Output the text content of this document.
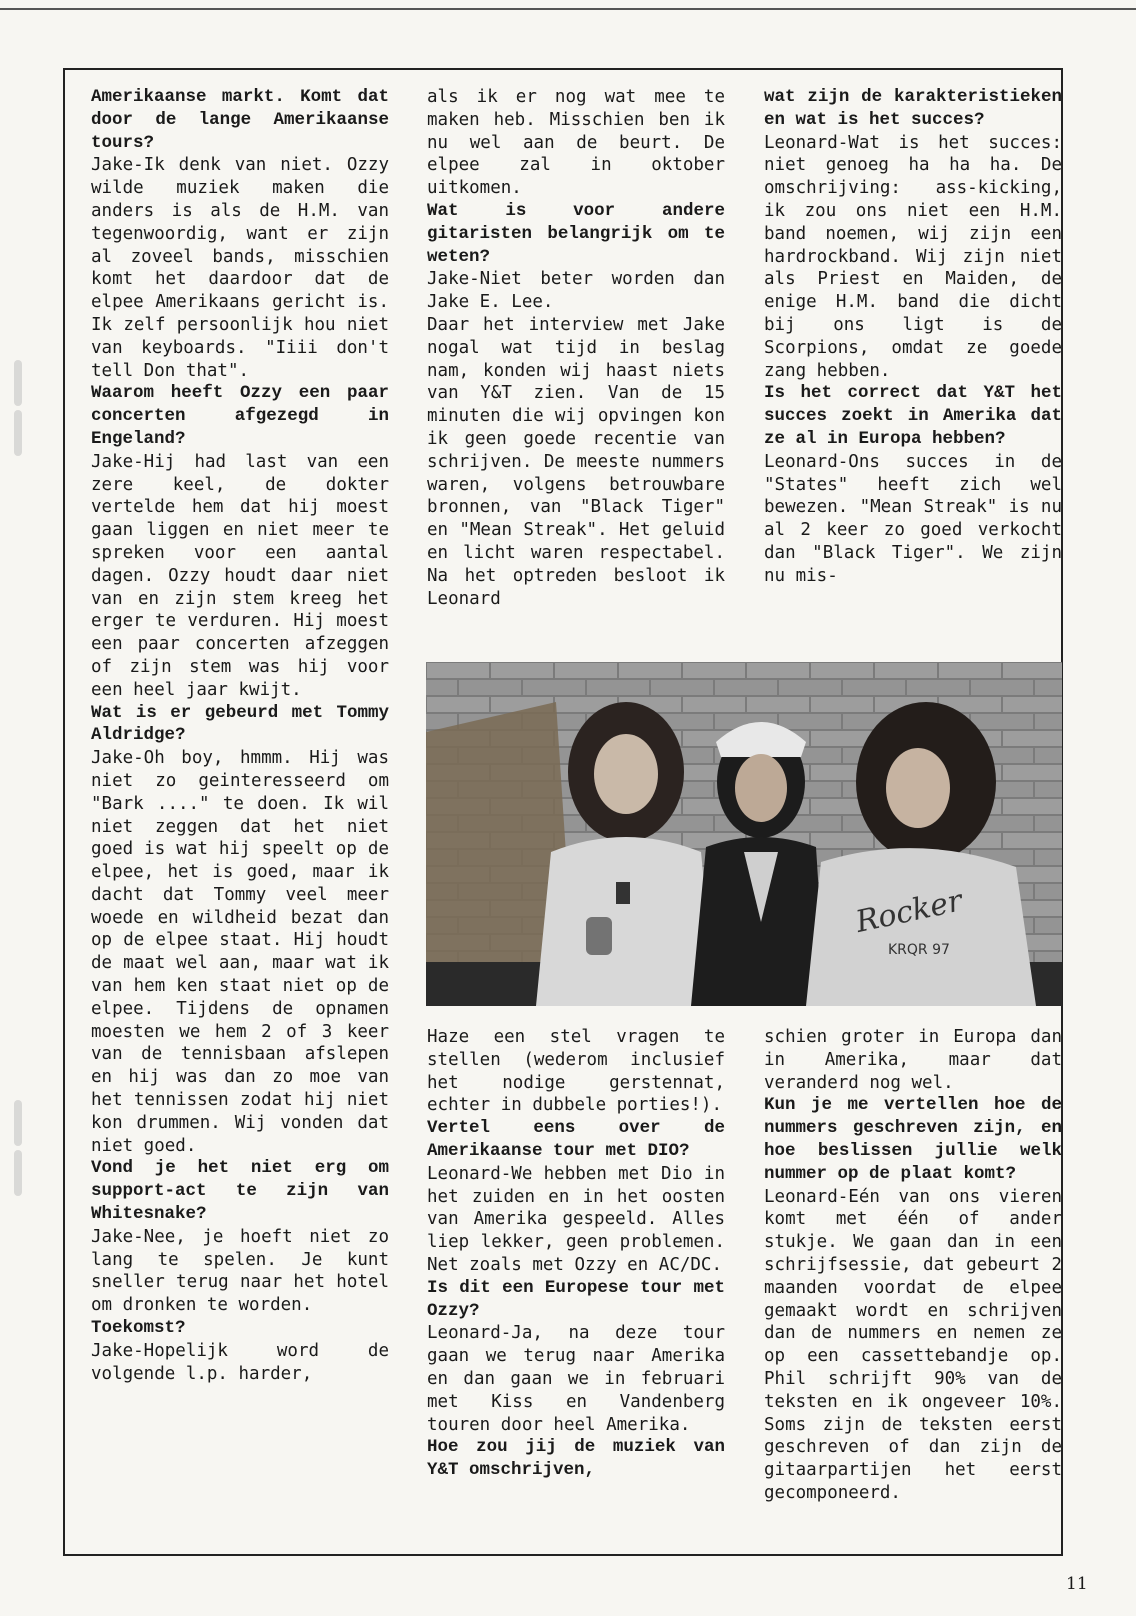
Amerikaanse markt. Komt dat door de lange Amerikaanse tours?

Jake-Ik denk van niet. Ozzy wilde muziek maken die anders is als de H.M. van tegenwoordig, want er zijn al zoveel bands, misschien komt het daardoor dat de elpee Amerikaans gericht is. Ik zelf persoonlijk hou niet van keyboards. "Iiii don't tell Don that".

Waarom heeft Ozzy een paar concerten afgezegd in Engeland?

Jake-Hij had last van een zere keel, de dokter vertelde hem dat hij moest gaan liggen en niet meer te spreken voor een aantal dagen. Ozzy houdt daar niet van en zijn stem kreeg het erger te verduren. Hij moest een paar concerten afzeggen of zijn stem was hij voor een heel jaar kwijt.

Wat is er gebeurd met Tommy Aldridge?

Jake-Oh boy, hmmm. Hij was niet zo geinteresseerd om "Bark ...." te doen. Ik wil niet zeggen dat het niet goed is wat hij speelt op de elpee, het is goed, maar ik dacht dat Tommy veel meer woede en wildheid bezat dan op de elpee staat. Hij houdt de maat wel aan, maar wat ik van hem ken staat niet op de elpee. Tijdens de opnamen moesten we hem 2 of 3 keer van de tennisbaan afslepen en hij was dan zo moe van het tennissen zodat hij niet kon drummen. Wij vonden dat niet goed.

Vond je het niet erg om support-act te zijn van Whitesnake?

Jake-Nee, je hoeft niet zo lang te spelen. Je kunt sneller terug naar het hotel om dronken te worden.

Toekomst?

Jake-Hopelijk word de volgende l.p. harder,

als ik er nog wat mee te maken heb. Misschien ben ik nu wel aan de beurt. De elpee zal in oktober uitkomen.

Wat is voor andere gitaristen belangrijk om te weten?

Jake-Niet beter worden dan Jake E. Lee.

Daar het interview met Jake nogal wat tijd in beslag nam, konden wij haast niets van Y&T zien. Van de 15 minuten die wij opvingen kon ik geen goede recentie van schrijven. De meeste nummers waren, volgens betrouwbare bronnen, van "Black Tiger" en "Mean Streak". Het geluid en licht waren respectabel. Na het optreden besloot ik Leonard

wat zijn de karakteristieken en wat is het succes?

Leonard-Wat is het succes: niet genoeg ha ha ha. De omschrijving: ass-kicking, ik zou ons niet een H.M. band noemen, wij zijn een hardrockband. Wij zijn niet als Priest en Maiden, de enige H.M. band die dicht bij ons ligt is de Scorpions, omdat ze goede zang hebben.

Is het correct dat Y&T het succes zoekt in Amerika dat ze al in Europa hebben?

Leonard-Ons succes in de "States" heeft zich wel bewezen. "Mean Streak" is nu al 2 keer zo goed verkocht dan "Black Tiger". We zijn nu mis-

Rocker
KRQR 97

Haze een stel vragen te stellen (wederom inclusief het nodige gerstennat, echter in dubbele porties!).

Vertel eens over de Amerikaanse tour met DIO?

Leonard-We hebben met Dio in het zuiden en in het oosten van Amerika gespeeld. Alles liep lekker, geen problemen. Net zoals met Ozzy en AC/DC.

Is dit een Europese tour met Ozzy?

Leonard-Ja, na deze tour gaan we terug naar Amerika en dan gaan we in februari met Kiss en Vandenberg touren door heel Amerika.

Hoe zou jij de muziek van Y&T omschrijven,

schien groter in Europa dan in Amerika, maar dat veranderd nog wel.

Kun je me vertellen hoe de nummers geschreven zijn, en hoe beslissen jullie welk nummer op de plaat komt?

Leonard-Eén van ons vieren komt met één of ander stukje. We gaan dan in een schrijfsessie, dat gebeurt 2 maanden voordat de elpee gemaakt wordt en schrijven dan de nummers en nemen ze op een cassettebandje op. Phil schrijft 90% van de teksten en ik ongeveer 10%. Soms zijn de teksten eerst geschreven of dan zijn de gitaarpartijen het eerst gecomponeerd.

11
